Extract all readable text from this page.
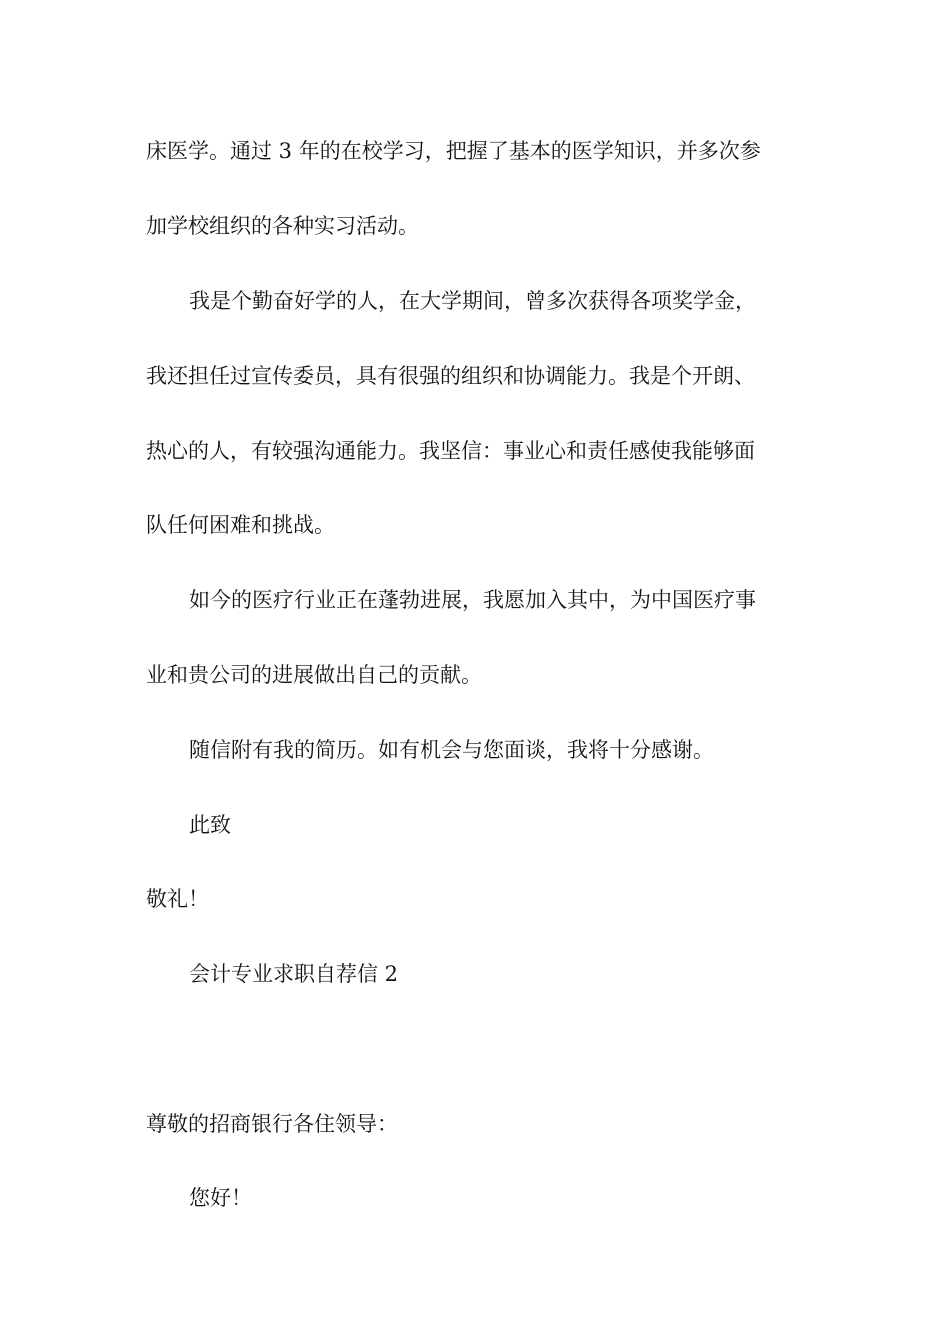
床医学。通过 3 年的在校学习，把握了基本的医学知识，并多次参
加学校组织的各种实习活动。
我是个勤奋好学的人，在大学期间，曾多次获得各项奖学金，
我还担任过宣传委员，具有很强的组织和协调能力。我是个开朗、
热心的人，有较强沟通能力。我坚信：事业心和责任感使我能够面
队任何困难和挑战。
如今的医疗行业正在蓬勃进展，我愿加入其中，为中国医疗事
业和贵公司的进展做出自己的贡献。
随信附有我的简历。如有机会与您面谈，我将十分感谢。
此致
敬礼！
会计专业求职自荐信 2
尊敬的招商银行各住领导：
您好！
